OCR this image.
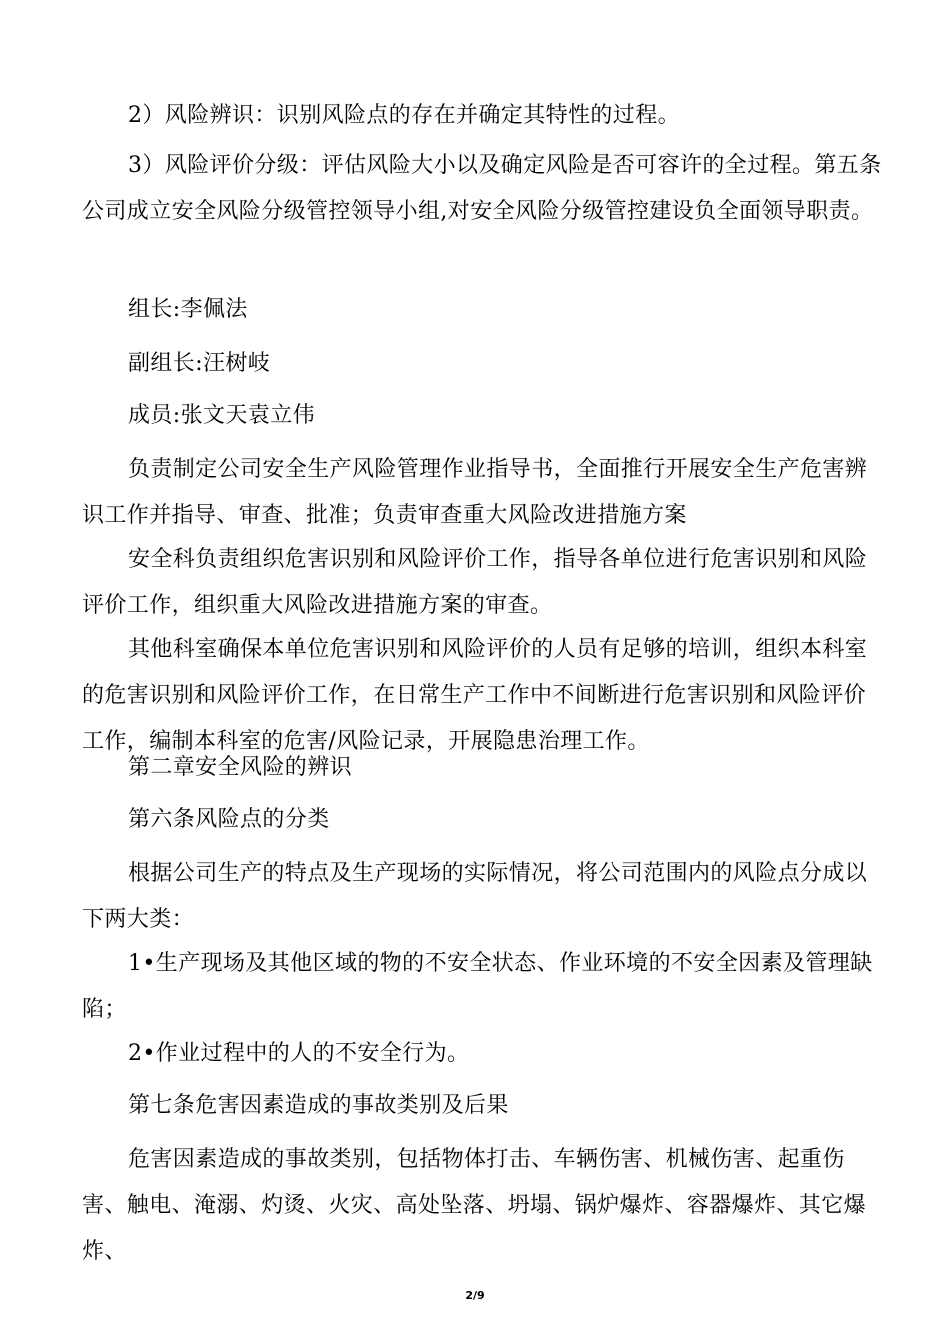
2）风险辨识：识别风险点的存在并确定其特性的过程。

3）风险评价分级：评估风险大小以及确定风险是否可容许的全过程。第五条公司成立安全风险分级管控领导小组,对安全风险分级管控建设负全面领导职责。

组长:李佩法

副组长:汪树岐

成员:张文天袁立伟

负责制定公司安全生产风险管理作业指导书，全面推行开展安全生产危害辨识工作并指导、审查、批准；负责审查重大风险改进措施方案

安全科负责组织危害识别和风险评价工作，指导各单位进行危害识别和风险评价工作，组织重大风险改进措施方案的审查。

其他科室确保本单位危害识别和风险评价的人员有足够的培训，组织本科室的危害识别和风险评价工作，在日常生产工作中不间断进行危害识别和风险评价工作，编制本科室的危害/风险记录，开展隐患治理工作。

第二章安全风险的辨识

第六条风险点的分类

根据公司生产的特点及生产现场的实际情况，将公司范围内的风险点分成以下两大类：

1•生产现场及其他区域的物的不安全状态、作业环境的不安全因素及管理缺陷；

2•作业过程中的人的不安全行为。

第七条危害因素造成的事故类别及后果

危害因素造成的事故类别，包括物体打击、车辆伤害、机械伤害、起重伤害、触电、淹溺、灼烫、火灾、高处坠落、坍塌、锅炉爆炸、容器爆炸、其它爆炸、

2/9
